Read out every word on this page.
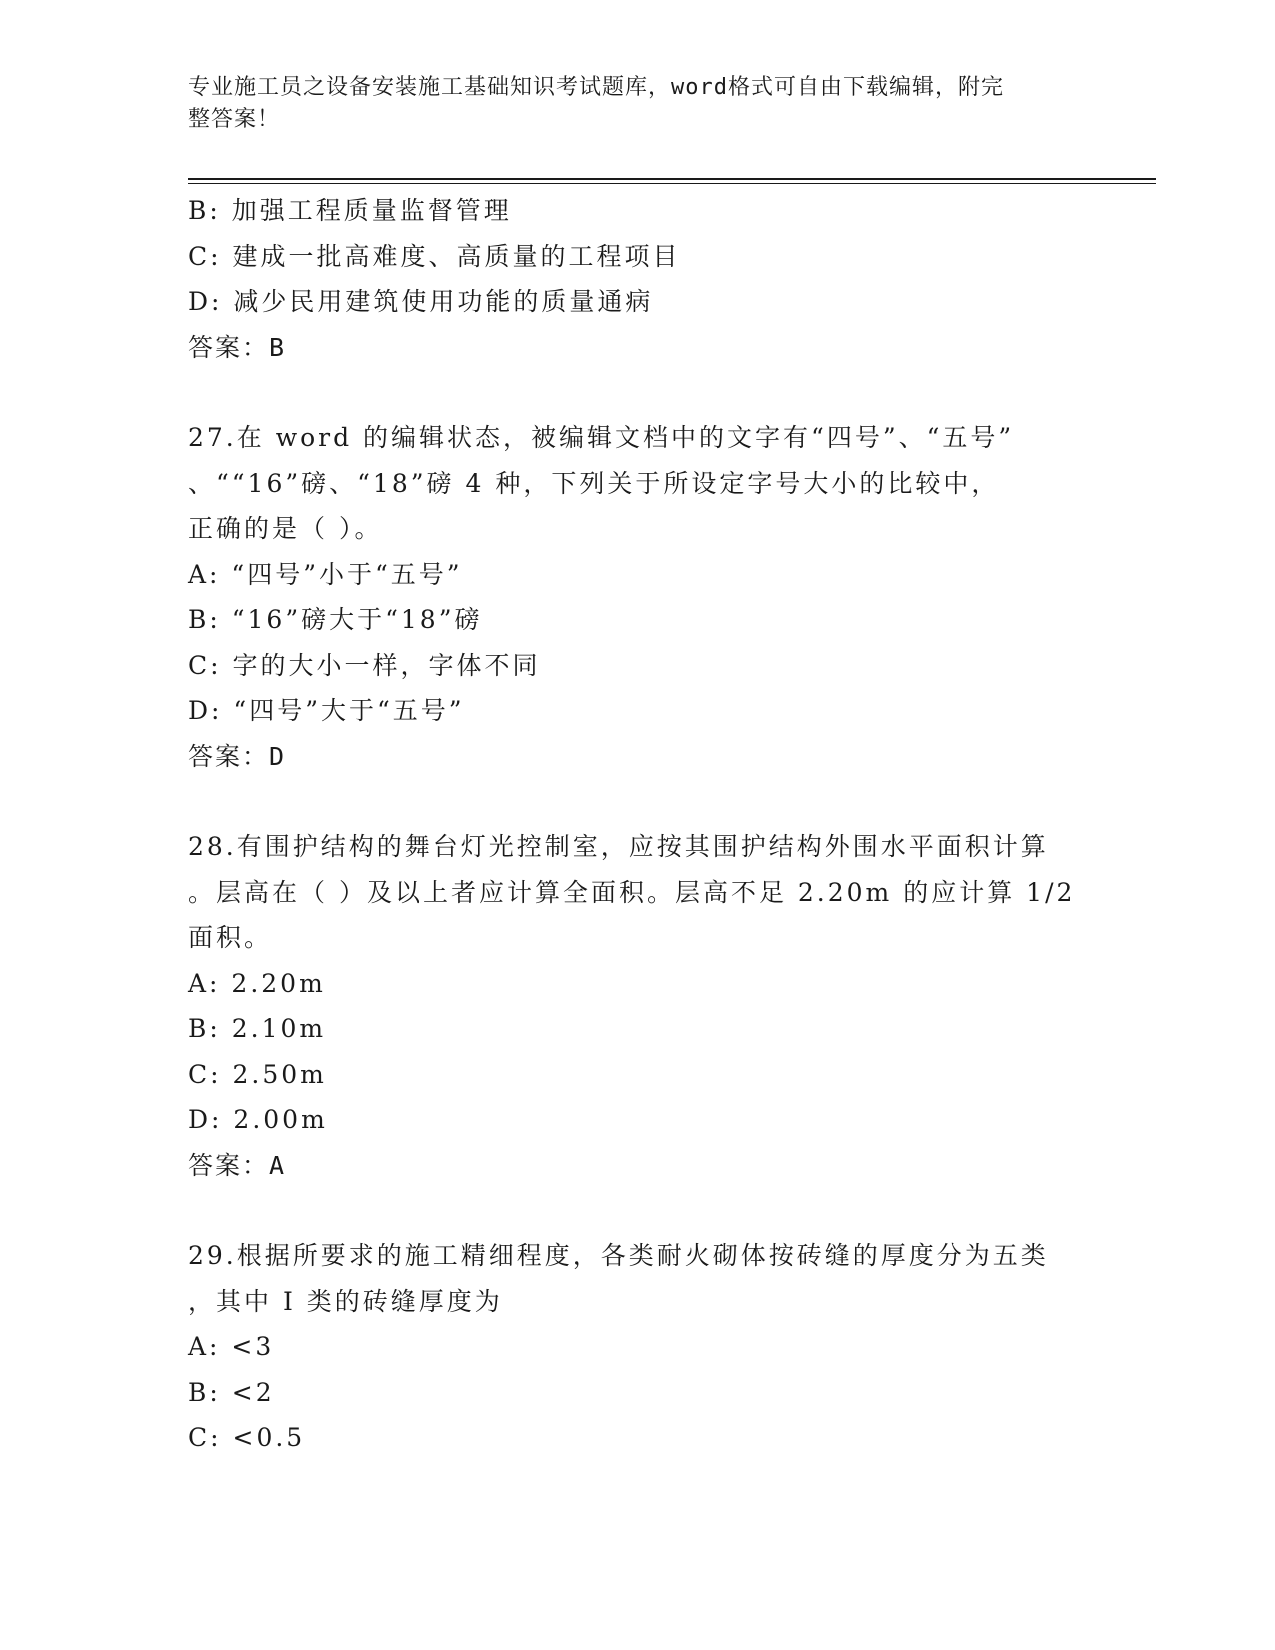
专业施工员之设备安装施工基础知识考试题库，word格式可自由下载编辑，附完
整答案！
B: 加强工程质量监督管理
C: 建成一批高难度、高质量的工程项目
D: 减少民用建筑使用功能的质量通病
答案：B
27.在 word 的编辑状态，被编辑文档中的文字有“四号”、“五号”
、““16”磅、“18”磅 4 种，下列关于所设定字号大小的比较中，
正确的是（ ）。
A: “四号”小于“五号”
B: “16”磅大于“18”磅
C: 字的大小一样，字体不同
D: “四号”大于“五号”
答案：D
28.有围护结构的舞台灯光控制室，应按其围护结构外围水平面积计算
。层高在（ ）及以上者应计算全面积。层高不足 2.20m 的应计算 1/2
面积。
A: 2.20m
B: 2.10m
C: 2.50m
D: 2.00m
答案：A
29.根据所要求的施工精细程度，各类耐火砌体按砖缝的厚度分为五类
，其中 I 类的砖缝厚度为
A: <3
B: <2
C: <0.5
